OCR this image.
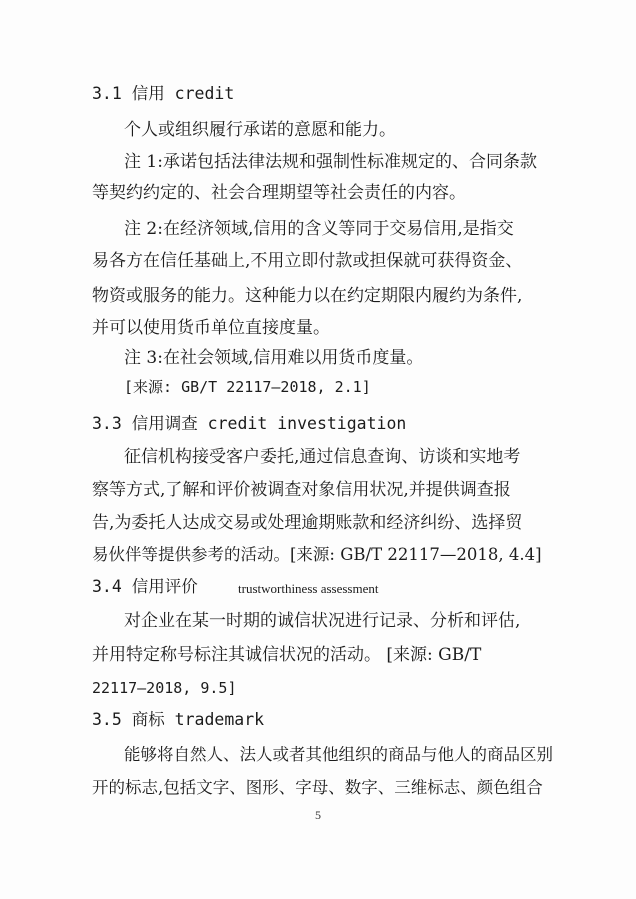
3.1 信用 credit
个人或组织履行承诺的意愿和能力。
注 1:承诺包括法律法规和强制性标准规定的、合同条款
等契约约定的、社会合理期望等社会责任的内容。
注 2:在经济领域,信用的含义等同于交易信用,是指交
易各方在信任基础上,不用立即付款或担保就可获得资金、
物资或服务的能力。这种能力以在约定期限内履约为条件,
并可以使用货币单位直接度量。
注 3:在社会领域,信用难以用货币度量。
[来源: GB/T 22117—2018, 2.1]
3.3 信用调查 credit investigation
征信机构接受客户委托,通过信息查询、访谈和实地考
察等方式,了解和评价被调查对象信用状况,并提供调查报
告,为委托人达成交易或处理逾期账款和经济纠纷、选择贸
易伙伴等提供参考的活动。[来源: GB/T 22117—2018, 4.4]
3.4 信用评价	trustworthiness assessment
对企业在某一时期的诚信状况进行记录、分析和评估,
并用特定称号标注其诚信状况的活动。 [来源: GB/T
22117—2018, 9.5]
3.5 商标 trademark
能够将自然人、法人或者其他组织的商品与他人的商品区别
开的标志,包括文字、图形、字母、数字、三维标志、颜色组合
5
